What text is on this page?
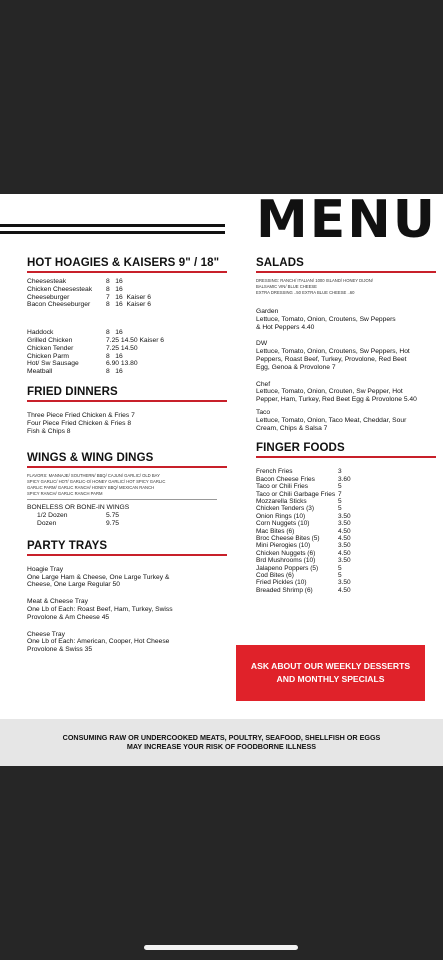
MENU
HOT HOAGIES & KAISERS 9" / 18"
Cheesesteak	8   16
Chicken Cheesesteak	8   16
Cheeseburger	7   16  Kaiser 6
Bacon Cheeseburger	8   16  Kaiser 6
Haddock	8   16
Grilled Chicken	7.25 14.50 Kaiser 6
Chicken Tender	7.25 14.50
Chicken Parm	8   16
Hot/ Sw Sausage	6.90 13.80
Meatball	8   16
FRIED DINNERS
Three Piece Fried Chicken & Fries 7
Four Piece Fried Chicken & Fries 8
Fish & Chips 8
WINGS & WING DINGS
FLAVORS: MANNAJE/ SOUTHERN/ BBQ/ CAJUN/ GARLIC/ OLD BAY
SPICY GARLIC/ HOT/ GARLIC-O/ HONEY GARLIC/ HOT SPICY GARLIC
GARLIC PARM/ GARLIC RANCH/ HONEY BBQ/ MEXICAN RANCH
SPICY RANCH/ GARLIC RANCH PARM
BONELESS OR BONE-IN WINGS
1/2 Dozen	5.75
Dozen	9.75
PARTY TRAYS
Hoagie Tray
One Large Ham & Cheese, One Large Turkey &
Cheese, One Large Regular 50
Meat & Cheese Tray
One Lb of Each: Roast Beef, Ham, Turkey, Swiss
Provolone & Am Cheese 45
Cheese Tray
One Lb of Each: American, Cooper, Hot Cheese
Provolone & Swiss 35
SALADS
DRESSING: RANCH/ ITALIAN/ 1000 ISLAND/ HONEY DIJON/
BALSAMIC VIN/ BLUE CHEESE
EXTRA DRESSING ..50 EXTRA BLUE CHEESE ..60
Garden
Lettuce, Tomato, Onion, Croutens, Sw Peppers
& Hot Peppers 4.40
DW
Lettuce, Tomato, Onion, Croutens, Sw Peppers, Hot
Peppers, Roast Beef, Turkey, Provolone, Red Beet
Egg, Genoa & Provolone 7
Chef
Lettuce, Tomato, Onion, Crouten, Sw Pepper, Hot
Pepper, Ham, Turkey, Red Beet Egg & Provolone 5.40
Taco
Lettuce, Tomato, Onion, Taco Meat, Cheddar, Sour
Cream, Chips & Salsa 7
FINGER FOODS
French Fries	3
Bacon Cheese Fries	3.60
Taco or Chili Fries	5
Taco or Chili Garbage Fries 7
Mozzarella Sticks	5
Chicken Tenders (3)	5
Onion Rings (10)	3.50
Corn Nuggets (10)	3.50
Mac Bites (6)	4.50
Broc Cheese Bites (5)	4.50
Mini Pierogies (10)	3.50
Chicken Nuggets (6)	4.50
Brd Mushrooms (10)	3.50
Jalapeno Poppers (5)	5
Cod Bites (6)	5
Fried Pickles (10)	3.50
Breaded Shrimp (6)	4.50
ASK ABOUT OUR WEEKLY DESSERTS
AND MONTHLY SPECIALS
CONSUMING RAW OR UNDERCOOKED MEATS, POULTRY, SEAFOOD, SHELLFISH OR EGGS
MAY INCREASE YOUR RISK OF FOODBORNE ILLNESS
